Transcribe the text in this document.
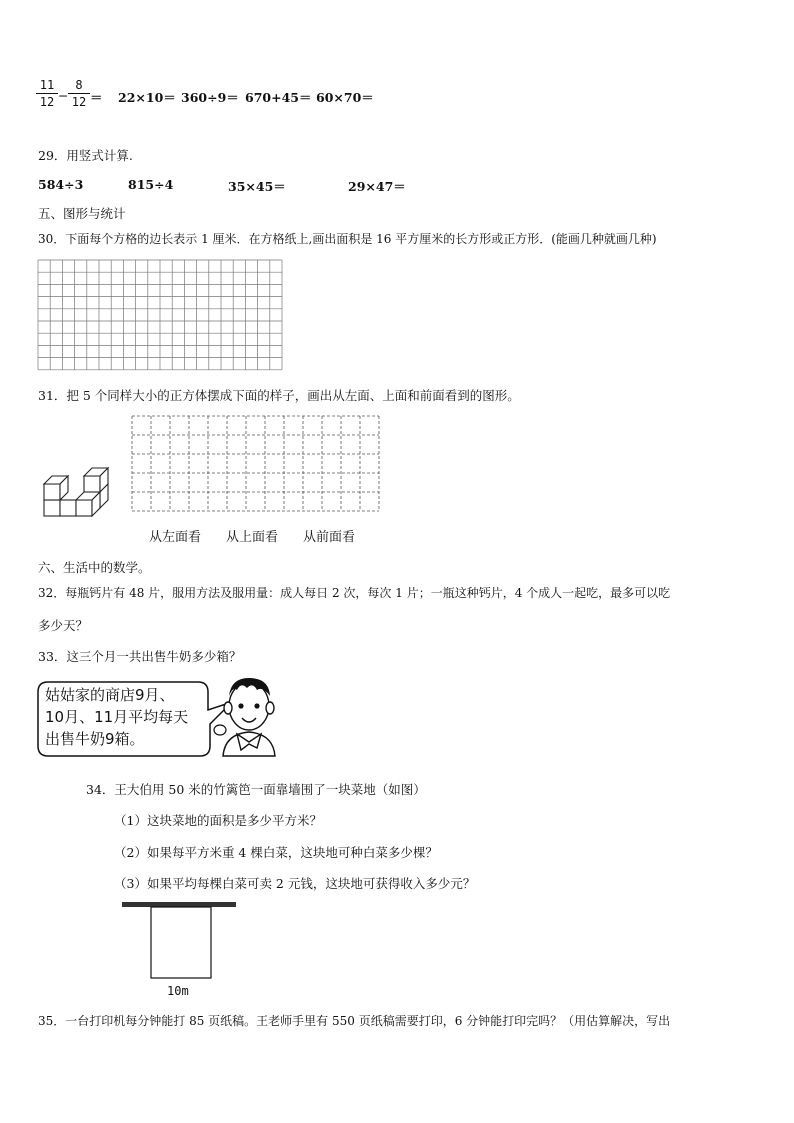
11
12 −
8
12 ＝ 22×10＝ 360÷9＝ 670+45＝ 60×70＝
29．用竖式计算.
584÷3	815÷4	35×45＝	29×47＝
五、图形与统计
30．下面每个方格的边长表示 1 厘米．在方格纸上,画出面积是 16 平方厘米的长方形或正方形．(能画几种就画几种)
31．把 5 个同样大小的正方体摆成下面的样子，画出从左面、上面和前面看到的图形。
从左面看 从上面看 从前面看
六、生活中的数学。
32．每瓶钙片有 48 片，服用方法及服用量：成人每日 2 次，每次 1 片；一瓶这种钙片，4 个成人一起吃，最多可以吃
多少天？
33．这三个月一共出售牛奶多少箱？
姑姑家的商店9月、
10月、11月平均每天
出售牛奶9箱。
34．王大伯用 50 米的竹篱笆一面靠墙围了一块菜地（如图）
（1）这块菜地的面积是多少平方米？
（2）如果每平方米重 4 棵白菜，这块地可种白菜多少棵？
（3）如果平均每棵白菜可卖 2 元钱，这块地可获得收入多少元？
10m
35．一台打印机每分钟能打 85 页纸稿。王老师手里有 550 页纸稿需要打印，6 分钟能打印完吗？（用估算解决，写出
